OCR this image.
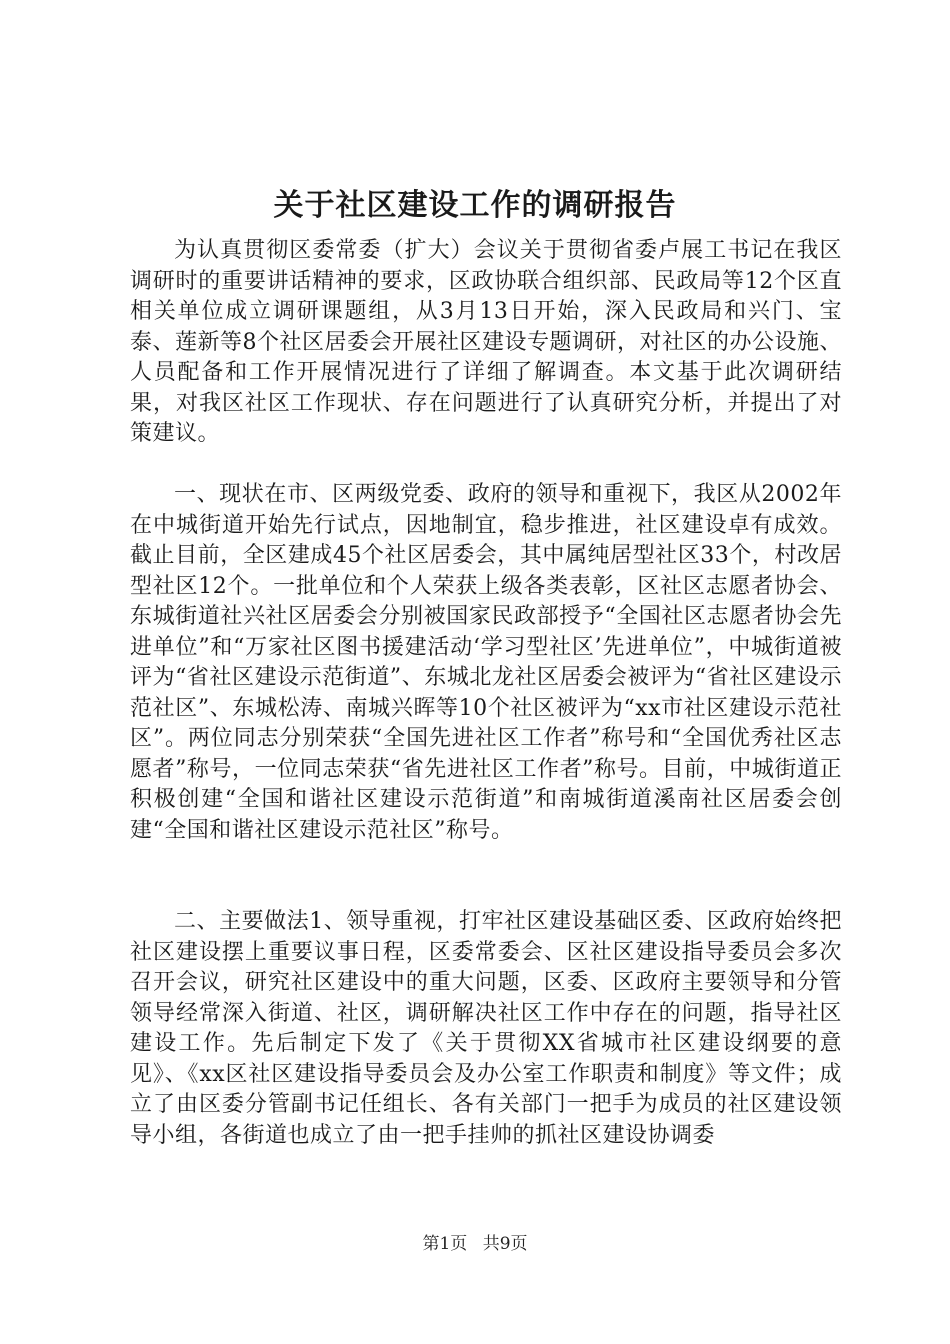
关于社区建设工作的调研报告

为认真贯彻区委常委（扩大）会议关于贯彻省委卢展工书记在我区调研时的重要讲话精神的要求，区政协联合组织部、民政局等12个区直相关单位成立调研课题组，从3月13日开始，深入民政局和兴门、宝泰、莲新等8个社区居委会开展社区建设专题调研，对社区的办公设施、人员配备和工作开展情况进行了详细了解调查。本文基于此次调研结果，对我区社区工作现状、存在问题进行了认真研究分析，并提出了对策建议。

一、现状在市、区两级党委、政府的领导和重视下，我区从2002年在中城街道开始先行试点，因地制宜，稳步推进，社区建设卓有成效。截止目前，全区建成45个社区居委会，其中属纯居型社区33个，村改居型社区12个。一批单位和个人荣获上级各类表彰，区社区志愿者协会、东城街道社兴社区居委会分别被国家民政部授予“全国社区志愿者协会先进单位”和“万家社区图书援建活动‘学习型社区’先进单位”，中城街道被评为“省社区建设示范街道”、东城北龙社区居委会被评为“省社区建设示范社区”、东城松涛、南城兴晖等10个社区被评为“xx市社区建设示范社区”。两位同志分别荣获“全国先进社区工作者”称号和“全国优秀社区志愿者”称号，一位同志荣获“省先进社区工作者”称号。目前，中城街道正积极创建“全国和谐社区建设示范街道”和南城街道溪南社区居委会创建“全国和谐社区建设示范社区”称号。

二、主要做法1、领导重视，打牢社区建设基础区委、区政府始终把社区建设摆上重要议事日程，区委常委会、区社区建设指导委员会多次召开会议，研究社区建设中的重大问题，区委、区政府主要领导和分管领导经常深入街道、社区，调研解决社区工作中存在的问题，指导社区建设工作。先后制定下发了《关于贯彻XX省城市社区建设纲要的意见》、《xx区社区建设指导委员会及办公室工作职责和制度》等文件；成立了由区委分管副书记任组长、各有关部门一把手为成员的社区建设领导小组，各街道也成立了由一把手挂帅的抓社区建设协调委

第1页 共9页
